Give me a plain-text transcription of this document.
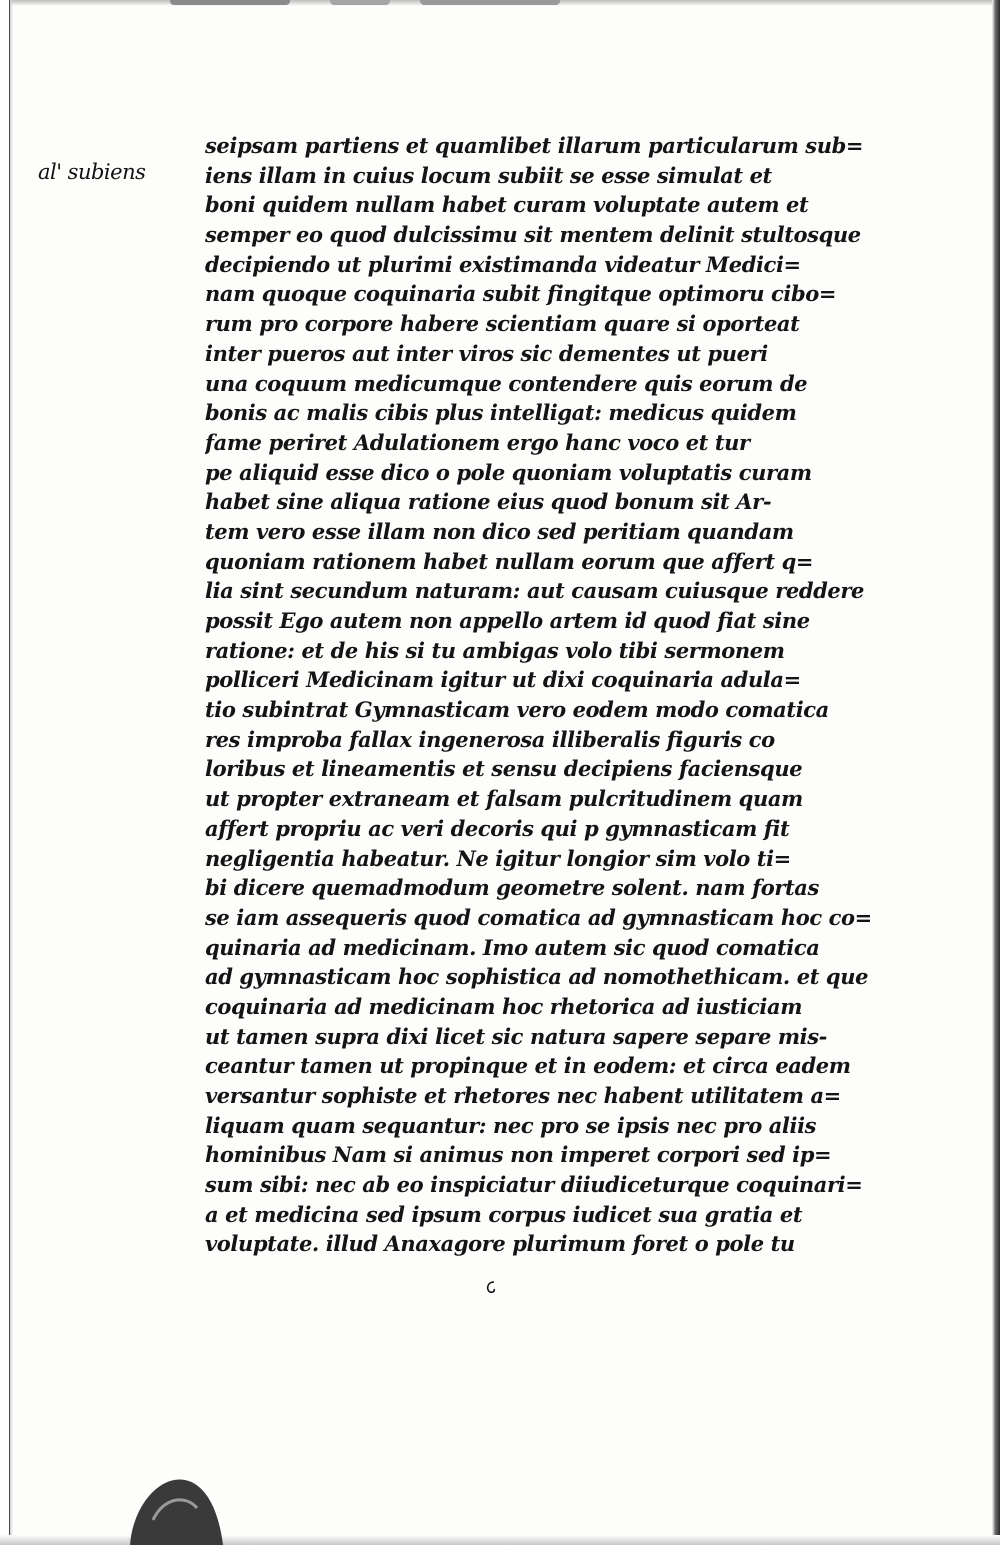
al' subiens
seipsam partiens et quamlibet illarum particularum sub=
iens illam in cuius locum subiit se esse simulat et
boni quidem nullam habet curam voluptate autem et
semper eo quod dulcissimu sit mentem delinit stultosque
decipiendo ut plurimi existimanda videatur Medici=
nam quoque coquinaria subit fingitque optimoru cibo=
rum pro corpore habere scientiam quare si oporteat
inter pueros aut inter viros sic dementes ut pueri
una coquum medicumque contendere quis eorum de
bonis ac malis cibis plus intelligat: medicus quidem
fame periret Adulationem ergo hanc voco et tur
pe aliquid esse dico o pole quoniam voluptatis curam
habet sine aliqua ratione eius quod bonum sit Ar-
tem vero esse illam non dico sed peritiam quandam
quoniam rationem habet nullam eorum que affert q=
lia sint secundum naturam: aut causam cuiusque reddere
possit Ego autem non appello artem id quod fiat sine
ratione: et de his si tu ambigas volo tibi sermonem
polliceri Medicinam igitur ut dixi coquinaria adula=
tio subintrat Gymnasticam vero eodem modo comatica
res improba fallax ingenerosa illiberalis figuris co
loribus et lineamentis et sensu decipiens faciensque
ut propter extraneam et falsam pulcritudinem quam
affert propriu ac veri decoris qui p gymnasticam fit
negligentia habeatur. Ne igitur longior sim volo ti=
bi dicere quemadmodum geometre solent. nam fortas
se iam assequeris quod comatica ad gymnasticam hoc co=
quinaria ad medicinam. Imo autem sic quod comatica
ad gymnasticam hoc sophistica ad nomothethicam. et que
coquinaria ad medicinam hoc rhetorica ad iusticiam
ut tamen supra dixi licet sic natura sapere separe mis-
ceantur tamen ut propinque et in eodem: et circa eadem
versantur sophiste et rhetores nec habent utilitatem a=
liquam quam sequantur: nec pro se ipsis nec pro aliis
hominibus Nam si animus non imperet corpori sed ip=
sum sibi: nec ab eo inspiciatur diiudiceturque coquinari=
a et medicina sed ipsum corpus iudicet sua gratia et
voluptate. illud Anaxagore plurimum foret o pole tu
